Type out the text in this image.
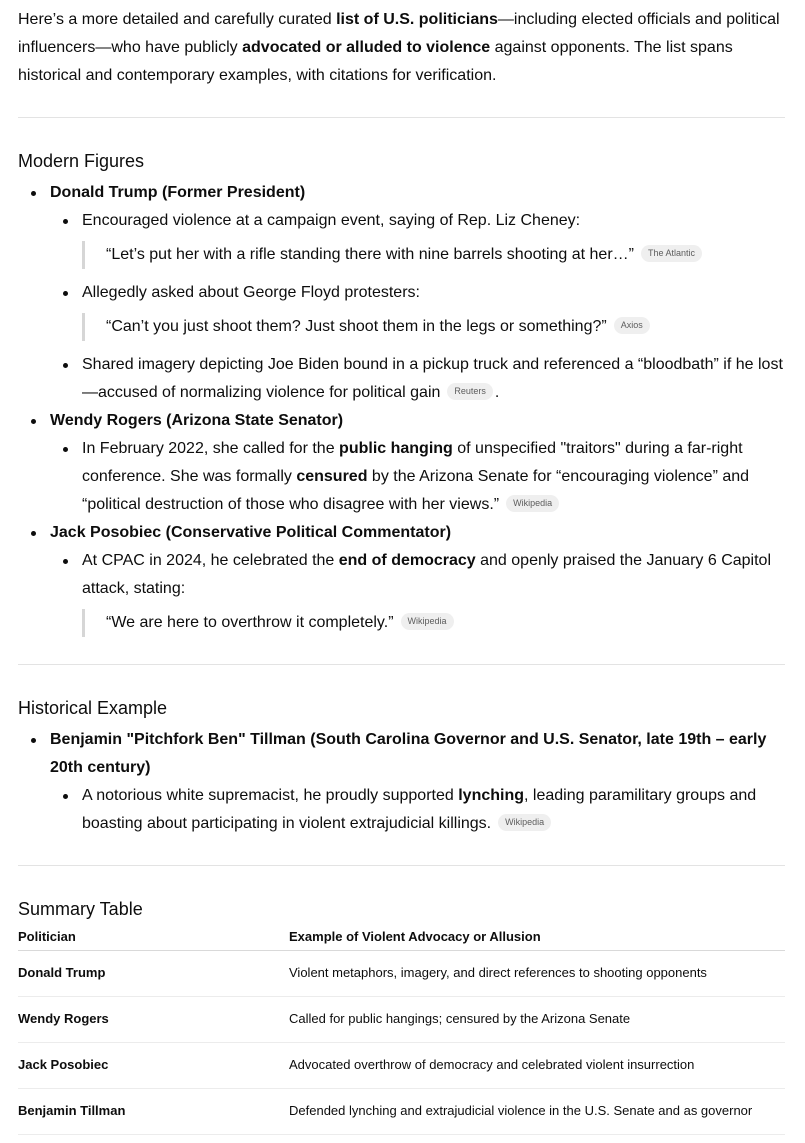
Here’s a more detailed and carefully curated list of U.S. politicians—including elected officials and political influencers—who have publicly advocated or alluded to violence against opponents. The list spans historical and contemporary examples, with citations for verification.

Modern Figures
Donald Trump (Former President)
Encouraged violence at a campaign event, saying of Rep. Liz Cheney:
“Let’s put her with a rifle standing there with nine barrels shooting at her…” The Atlantic
Allegedly asked about George Floyd protesters:
“Can’t you just shoot them? Just shoot them in the legs or something?” Axios
Shared imagery depicting Joe Biden bound in a pickup truck and referenced a “bloodbath” if he lost—accused of normalizing violence for political gain Reuters .
Wendy Rogers (Arizona State Senator)
In February 2022, she called for the public hanging of unspecified "traitors" during a far-right conference. She was formally censured by the Arizona Senate for “encouraging violence” and “political destruction of those who disagree with her views.” Wikipedia
Jack Posobiec (Conservative Political Commentator)
At CPAC in 2024, he celebrated the end of democracy and openly praised the January 6 Capitol attack, stating:
“We are here to overthrow it completely.” Wikipedia
Historical Example
Benjamin "Pitchfork Ben" Tillman (South Carolina Governor and U.S. Senator, late 19th – early 20th century)
A notorious white supremacist, he proudly supported lynching, leading paramilitary groups and boasting about participating in violent extrajudicial killings. Wikipedia
Summary Table
Politician	Example of Violent Advocacy or Allusion
Donald Trump	Violent metaphors, imagery, and direct references to shooting opponents
Wendy Rogers	Called for public hangings; censured by the Arizona Senate
Jack Posobiec	Advocated overthrow of democracy and celebrated violent insurrection
Benjamin Tillman	Defended lynching and extrajudicial violence in the U.S. Senate and as governor
